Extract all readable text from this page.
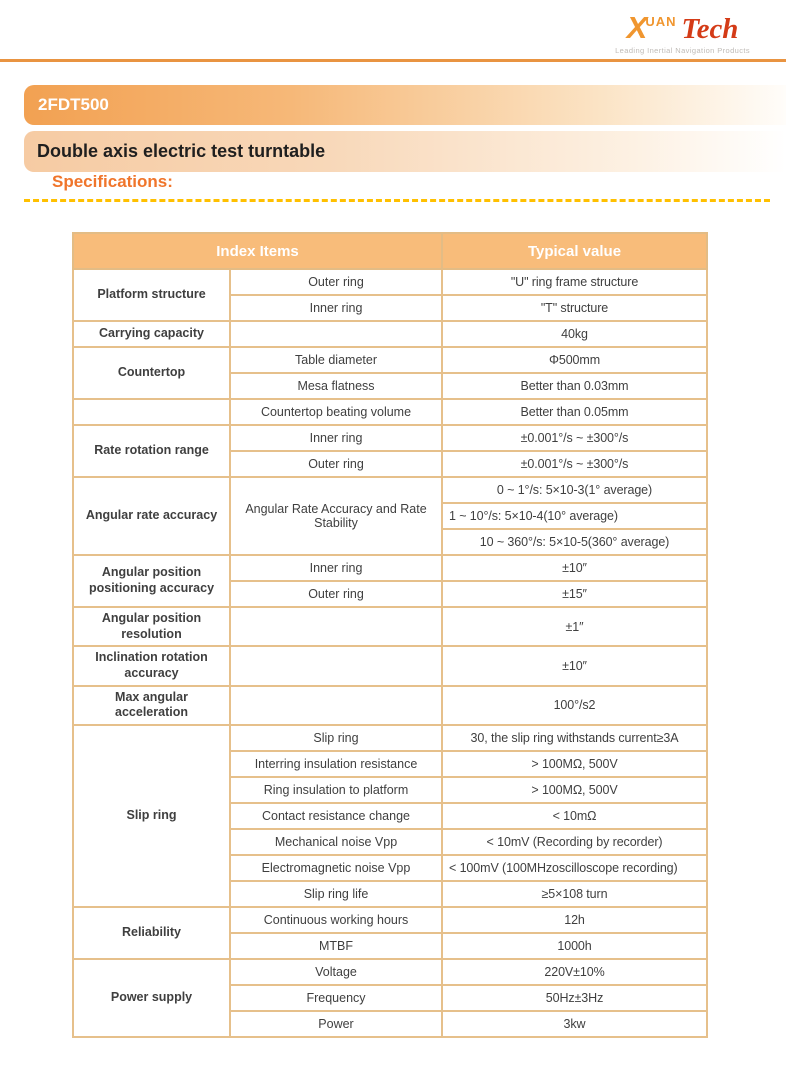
$X^{UAN}$ Tech
Leading Inertial Navigation Products
2FDT500
Double axis electric test turntable
Specifications:
Index Items		Typical value
Platform structure	Outer ring	"U" ring frame structure
	Inner ring	"T" structure
Carrying capacity		40kg
Countertop	Table diameter	Φ500mm
	Mesa flatness	Better than 0.03mm
	Countertop beating volume	Better than 0.05mm
Rate rotation range	Inner ring	±0.001°/s ~ ±300°/s
	Outer ring	±0.001°/s ~ ±300°/s
Angular rate accuracy	Angular Rate Accuracy and Rate Stability	0 ~ 1°/s: 5×10-3(1° average)
		1 ~ 10°/s: 5×10-4(10° average)
		10 ~ 360°/s: 5×10-5(360° average)
Angular position positioning accuracy	Inner ring	±10″
	Outer ring	±15″
Angular position resolution		±1″
Inclination rotation accuracy		±10″
Max angular acceleration		100°/s2
Slip ring	Slip ring	30, the slip ring withstands current≥3A
	Interring insulation resistance	> 100MΩ, 500V
	Ring insulation to platform	> 100MΩ, 500V
	Contact resistance change	< 10mΩ
	Mechanical noise Vpp	< 10mV (Recording by recorder)
	Electromagnetic noise Vpp	< 100mV (100MHzoscilloscope recording)
	Slip ring life	≥5×108 turn
Reliability	Continuous working hours	12h
	MTBF	1000h
Power supply	Voltage	220V±10%
	Frequency	50Hz±3Hz
	Power	3kw
